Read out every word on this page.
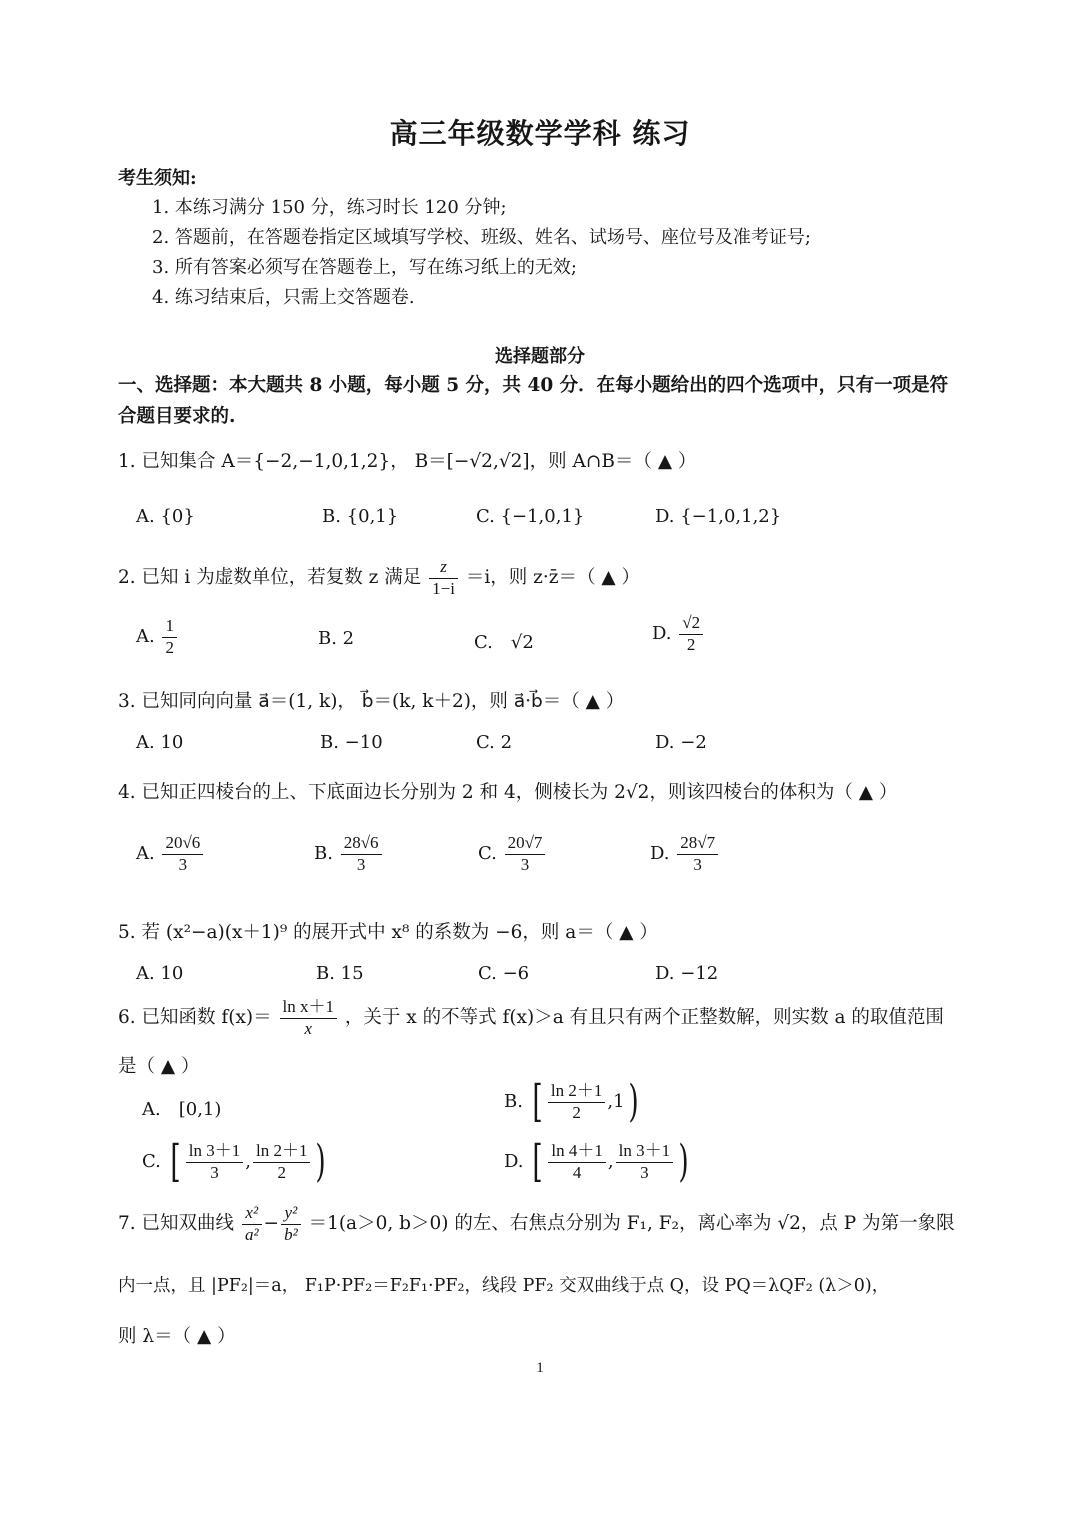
高三年级数学学科 练习
考生须知:
1. 本练习满分 150 分，练习时长 120 分钟;
2. 答题前，在答题卷指定区域填写学校、班级、姓名、试场号、座位号及准考证号;
3. 所有答案必须写在答题卷上，写在练习纸上的无效;
4. 练习结束后，只需上交答题卷.
选择题部分
一、选择题：本大题共 8 小题，每小题 5 分，共 40 分．在每小题给出的四个选项中，只有一项是符合题目要求的.
1. 已知集合 A＝{−2,−1,0,1,2}， B＝[−√2,√2]，则 A∩B＝（ ▲ ）
A. {0}	B. {0,1}	C. {−1,0,1}	D. {−1,0,1,2}
2. 已知 i 为虚数单位，若复数 z 满足 $\frac{z}{1-i} =i$，则 z·z̄＝（ ▲ ）
A. $\frac{1}{2}$	B. 2	C.　√2	D. $\frac{√2}{2}$
3. 已知同向向量 a⃗＝(1, k)， b⃗＝(k, k＋2)，则 a⃗·b⃗＝（ ▲ ）
A. 10	B. −10	C. 2	D. −2
4. 已知正四棱台的上、下底面边长分别为 2 和 4，侧棱长为 2√2，则该四棱台的体积为（ ▲ ）
A. $\frac{20√6}{3}$	B. $\frac{28√6}{3}$	C. $\frac{20√7}{3}$	D. $\frac{28√7}{3}$
5. 若 (x²−a)(x＋1)⁹ 的展开式中 x⁸ 的系数为 −6，则 a＝（ ▲ ）
A. 10	B. 15	C. −6	D. −12
6. 已知函数 $f(x)= \frac{\text{ln x＋1}}{x}$ ，关于 x 的不等式 f(x)＞a 有且只有两个正整数解，则实数 a 的取值范围
是（ ▲ ）
A.　[0,1)	B. [ $\frac{\ln 2+1}{2} ,1$)
C. [ $\frac{\ln 3+1}{3}$ , $\frac{\ln 2+1}{2}$ )	D. [ $\frac{\ln 4+1}{4}$ , $\frac{\ln 3+1}{3}$ )
7. 已知双曲线 $\frac{\text{x²}}{\text{a²}} - \frac{\text{y²}}{\text{b²}} =1(a>0$, b＞0) 的左、右焦点分别为 F₁, F₂，离心率为 √2，点 P 为第一象限
内一点，且 |PF₂|＝a， F₁P·PF₂＝F₂F₁·PF₂，线段 PF₂ 交双曲线于点 Q，设 PQ＝λQF₂ (λ＞0)，
则 λ＝（ ▲ ）
1
